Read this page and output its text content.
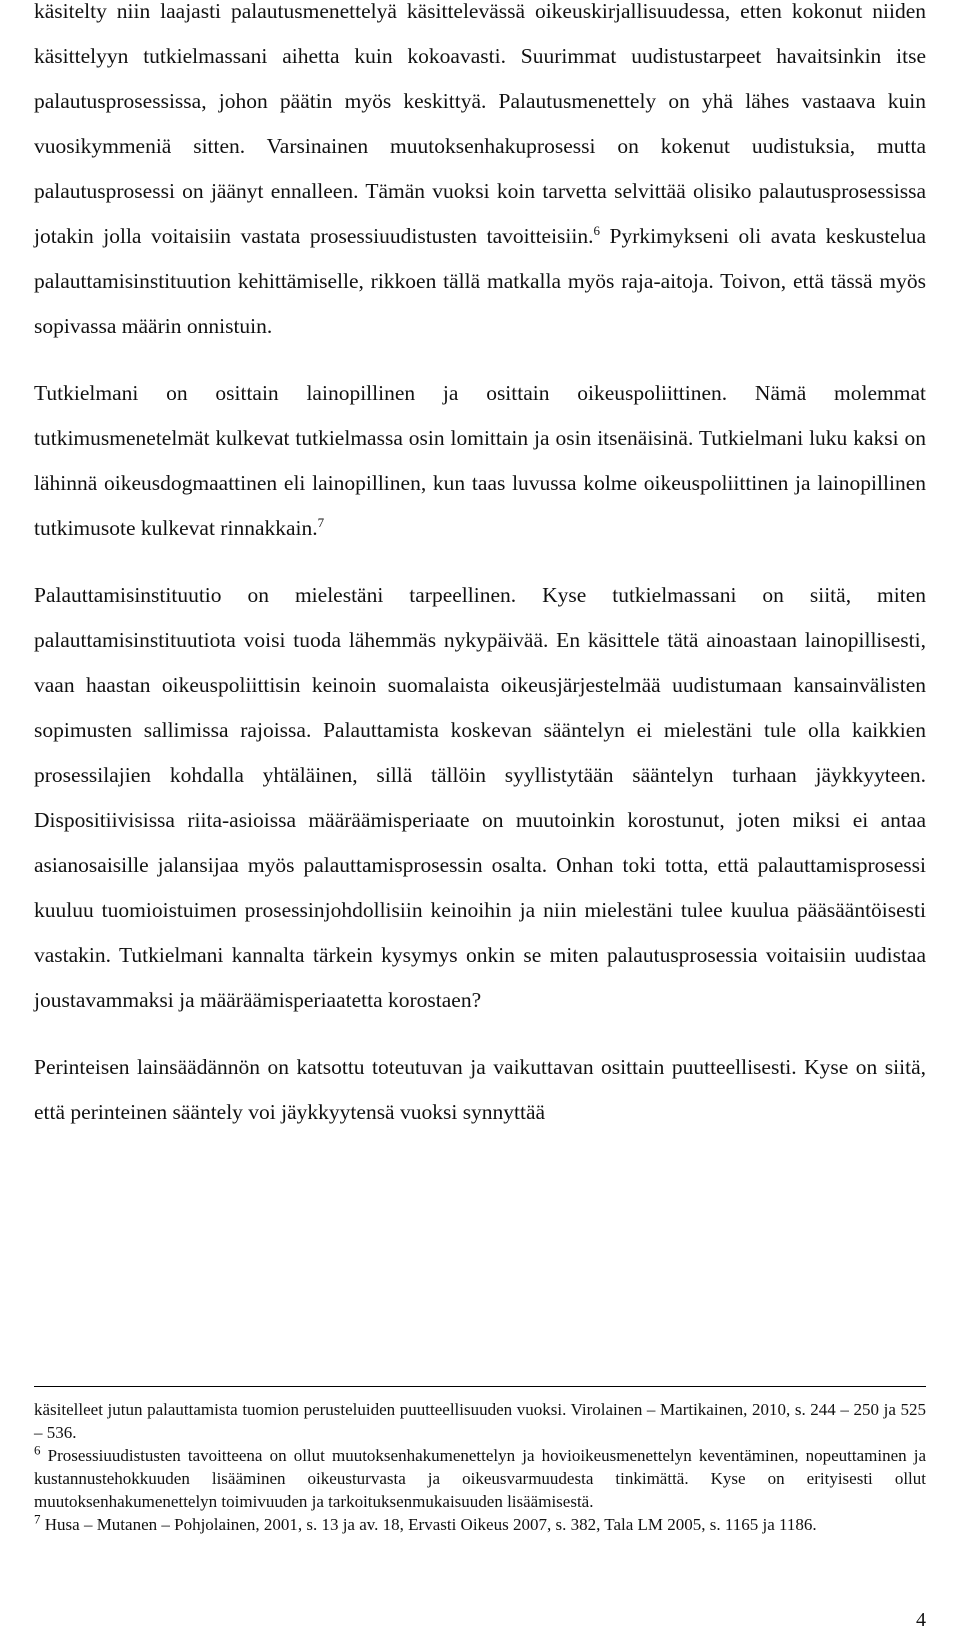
käsitelty niin laajasti palautusmenettelyä käsittelevässä oikeuskirjallisuudessa, etten kokonut niiden käsittelyyn tutkielmassani aihetta kuin kokoavasti. Suurimmat uudistustarpeet havaitsinkin itse palautusprosessissa, johon päätin myös keskittyä. Palautusmenettely on yhä lähes vastaava kuin vuosikymmeniä sitten. Varsinainen muutoksenhakuprosessi on kokenut uudistuksia, mutta palautusprosessi on jäänyt ennalleen. Tämän vuoksi koin tarvetta selvittää olisiko palautusprosessissa jotakin jolla voitaisiin vastata prosessiuudistusten tavoitteisiin.$^6$ Pyrkimykseni oli avata keskustelua palauttamisinstituution kehittämiselle, rikkoen tällä matkalla myös raja-aitoja. Toivon, että tässä myös sopivassa määrin onnistuin.

Tutkielmani on osittain lainopillinen ja osittain oikeuspoliittinen. Nämä molemmat tutkimusmenetelmät kulkevat tutkielmassa osin lomittain ja osin itsenäisinä. Tutkielmani luku kaksi on lähinnä oikeusdogmaattinen eli lainopillinen, kun taas luvussa kolme oikeuspoliittinen ja lainopillinen tutkimusote kulkevat rinnakkain.$^7$

Palauttamisinstituutio on mielestäni tarpeellinen. Kyse tutkielmassani on siitä, miten palauttamisinstituutiota voisi tuoda lähemmäs nykypäivää. En käsittele tätä ainoastaan lainopillisesti, vaan haastan oikeuspoliittisin keinoin suomalaista oikeusjärjestelmää uudistumaan kansainvälisten sopimusten sallimissa rajoissa. Palauttamista koskevan sääntelyn ei mielestäni tule olla kaikkien prosessilajien kohdalla yhtäläinen, sillä tällöin syyllistytään sääntelyn turhaan jäykkyyteen. Dispositiivisissa riita-asioissa määräämisperiaate on muutoinkin korostunut, joten miksi ei antaa asianosaisille jalansijaa myös palauttamisprosessin osalta. Onhan toki totta, että palauttamisprosessi kuuluu tuomioistuimen prosessinjohdollisiin keinoihin ja niin mielestäni tulee kuulua pääsääntöisesti vastakin. Tutkielmani kannalta tärkein kysymys onkin se miten palautusprosessia voitaisiin uudistaa joustavammaksi ja määräämisperiaatetta korostaen?

Perinteisen lainsäädännön on katsottu toteutuvan ja vaikuttavan osittain puutteellisesti. Kyse on siitä, että perinteinen sääntely voi jäykkyytensä vuoksi synnyttää

käsitelleet jutun palauttamista tuomion perusteluiden puutteellisuuden vuoksi. Virolainen – Martikainen, 2010, s. 244 – 250 ja 525 – 536.

$^6$ Prosessiuudistusten tavoitteena on ollut muutoksenhakumenettelyn ja hovioikeusmenettelyn keventäminen, nopeuttaminen ja kustannustehokkuuden lisääminen oikeusturvasta ja oikeusvarmuudesta tinkimättä. Kyse on erityisesti ollut muutoksenhakumenettelyn toimivuuden ja tarkoituksenmukaisuuden lisäämisestä.

$^7$ Husa – Mutanen – Pohjolainen, 2001, s. 13 ja av. 18, Ervasti Oikeus 2007, s. 382, Tala LM 2005, s. 1165 ja 1186.

4
